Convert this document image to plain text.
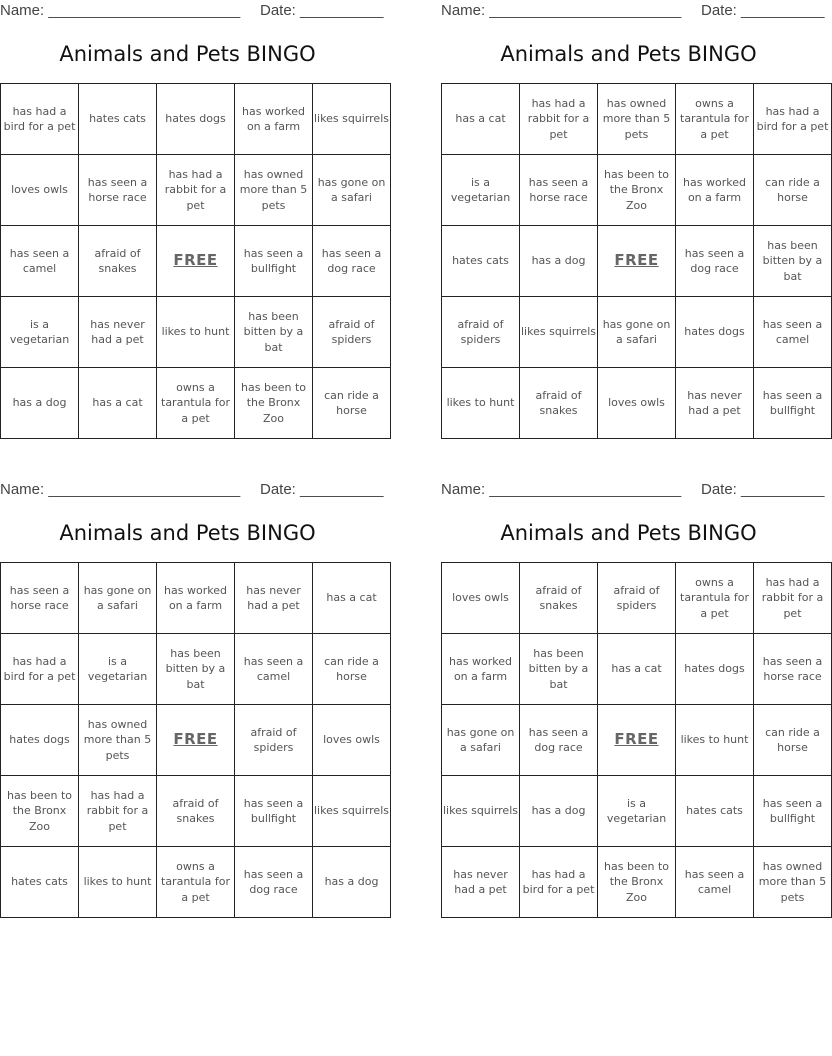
Name: _______________________ Date: __________
Animals and Pets BINGO
has had a bird for a pet	hates cats	hates dogs	has worked on a farm	likes squirrels
loves owls	has seen a horse race	has had a rabbit for a pet	has owned more than 5 pets	has gone on a safari
has seen a camel	afraid of snakes	FREE	has seen a bullfight	has seen a dog race
is a vegetarian	has never had a pet	likes to hunt	has been bitten by a bat	afraid of spiders
has a dog	has a cat	owns a tarantula for a pet	has been to the Bronx Zoo	can ride a horse
Name: _______________________ Date: __________
Animals and Pets BINGO
has a cat	has had a rabbit for a pet	has owned more than 5 pets	owns a tarantula for a pet	has had a bird for a pet
is a vegetarian	has seen a horse race	has been to the Bronx Zoo	has worked on a farm	can ride a horse
hates cats	has a dog	FREE	has seen a dog race	has been bitten by a bat
afraid of spiders	likes squirrels	has gone on a safari	hates dogs	has seen a camel
likes to hunt	afraid of snakes	loves owls	has never had a pet	has seen a bullfight
Name: _______________________ Date: __________
Animals and Pets BINGO
has seen a horse race	has gone on a safari	has worked on a farm	has never had a pet	has a cat
has had a bird for a pet	is a vegetarian	has been bitten by a bat	has seen a camel	can ride a horse
hates dogs	has owned more than 5 pets	FREE	afraid of spiders	loves owls
has been to the Bronx Zoo	has had a rabbit for a pet	afraid of snakes	has seen a bullfight	likes squirrels
hates cats	likes to hunt	owns a tarantula for a pet	has seen a dog race	has a dog
Name: _______________________ Date: __________
Animals and Pets BINGO
loves owls	afraid of snakes	afraid of spiders	owns a tarantula for a pet	has had a rabbit for a pet
has worked on a farm	has been bitten by a bat	has a cat	hates dogs	has seen a horse race
has gone on a safari	has seen a dog race	FREE	likes to hunt	can ride a horse
likes squirrels	has a dog	is a vegetarian	hates cats	has seen a bullfight
has never had a pet	has had a bird for a pet	has been to the Bronx Zoo	has seen a camel	has owned more than 5 pets
